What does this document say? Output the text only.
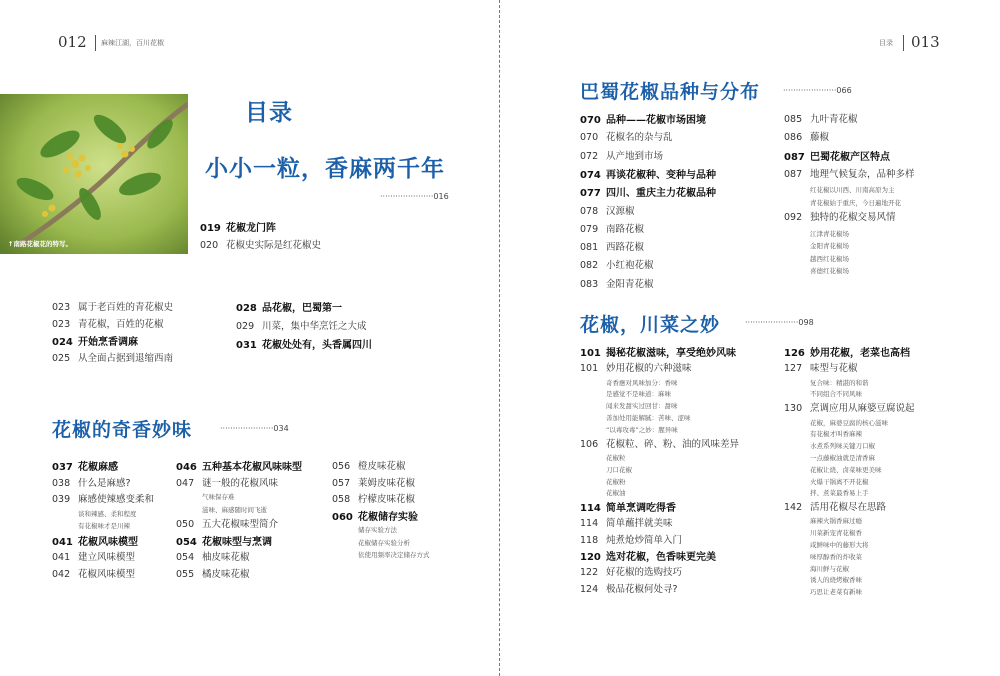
012 麻辣江湖，百川花椒	目录 013
↑南路花椒花的特写。
目录
小小一粒，香麻两千年
·····················016
019 花椒龙门阵
020 花椒史实际是红花椒史
023 属于老百姓的青花椒史
023 青花椒，百姓的花椒
024 开始烹香调麻
025 从全面占据到退缩西南
028 品花椒，巴蜀第一
029 川菜，集中华烹饪之大成
031 花椒处处有，头香属四川
花椒的奇香妙味	·····················034
037 花椒麻感
038 什么是麻感?
039 麻感使辣感变柔和
谈和辣感、柔和程度
有花椒味才是川辣
041 花椒风味模型
041 建立风味模型
042 花椒风味模型
046 五种基本花椒风味味型
047 谜一般的花椒风味
气味保存难
滋味、麻感随时间飞逝
050 五大花椒味型简介
054 花椒味型与烹调
054 柚皮味花椒
055 橘皮味花椒
056 橙皮味花椒
057 莱姆皮味花椒
058 柠檬皮味花椒
060 花椒储存实验
储存实验方法
花椒储存实验分析
依使用频率决定储存方式
巴蜀花椒品种与分布	·····················066
070 品种——花椒市场困境
070 花椒名的杂与乱
072 从产地到市场
074 再谈花椒种、变种与品种
077 四川、重庆主力花椒品种
078 汉源椒
079 南路花椒
081 西路花椒
082 小红袍花椒
083 金阳青花椒
085 九叶青花椒
086 藤椒
087 巴蜀花椒产区特点
087 地理气候复杂，品种多样
红花椒以川西、川南高原为主
青花椒始于重庆，今日遍地开花
092 独特的花椒交易风情
江津青花椒场
金阳青花椒场
越西红花椒场
喜德红花椒场
花椒，川菜之妙	·····················098
101 揭秘花椒滋味，享受绝妙风味
101 妙用花椒的六种滋味
奇香應对风味加分：香味
是感觉不是味道：麻味
闻来发甜实过回甘：甜味
善加处用能解腻：苦味、涩味
“以毒攻毒”之妙：腥异味
106 花椒粒、碎、粉、油的风味差异
花椒粒
刀口花椒
花椒粉
花椒油
114 简单烹调吃得香
114 简单蘸拌就美味
118 炖煮炝炒简单入门
120 选对花椒，色香味更完美
122 好花椒的选购技巧
124 极品花椒何处寻?
126 妙用花椒，老菜也高档
127 味型与花椒
复合味：精湛的和谐
不同组合不同风味
130 烹调应用从麻婆豆腐说起
花椒，麻婆豆腐的核心滋味
有花椒才叫香麻辣
水煮系列味关键刀口椒
一点藤椒油就是清香麻
花椒让烧、卤菜味更美味
火爆干锅离不开花椒
拌、煮菜最香易上手
142 活用花椒尽在思路
麻辣火锅香麻过瘾
川菜新宠青花椒香
咸鲜味中的藤形大将
味厚醇香的炸收菜
海川鲜与花椒
诱人的烧烤椒香味
巧思让老菜有新味
